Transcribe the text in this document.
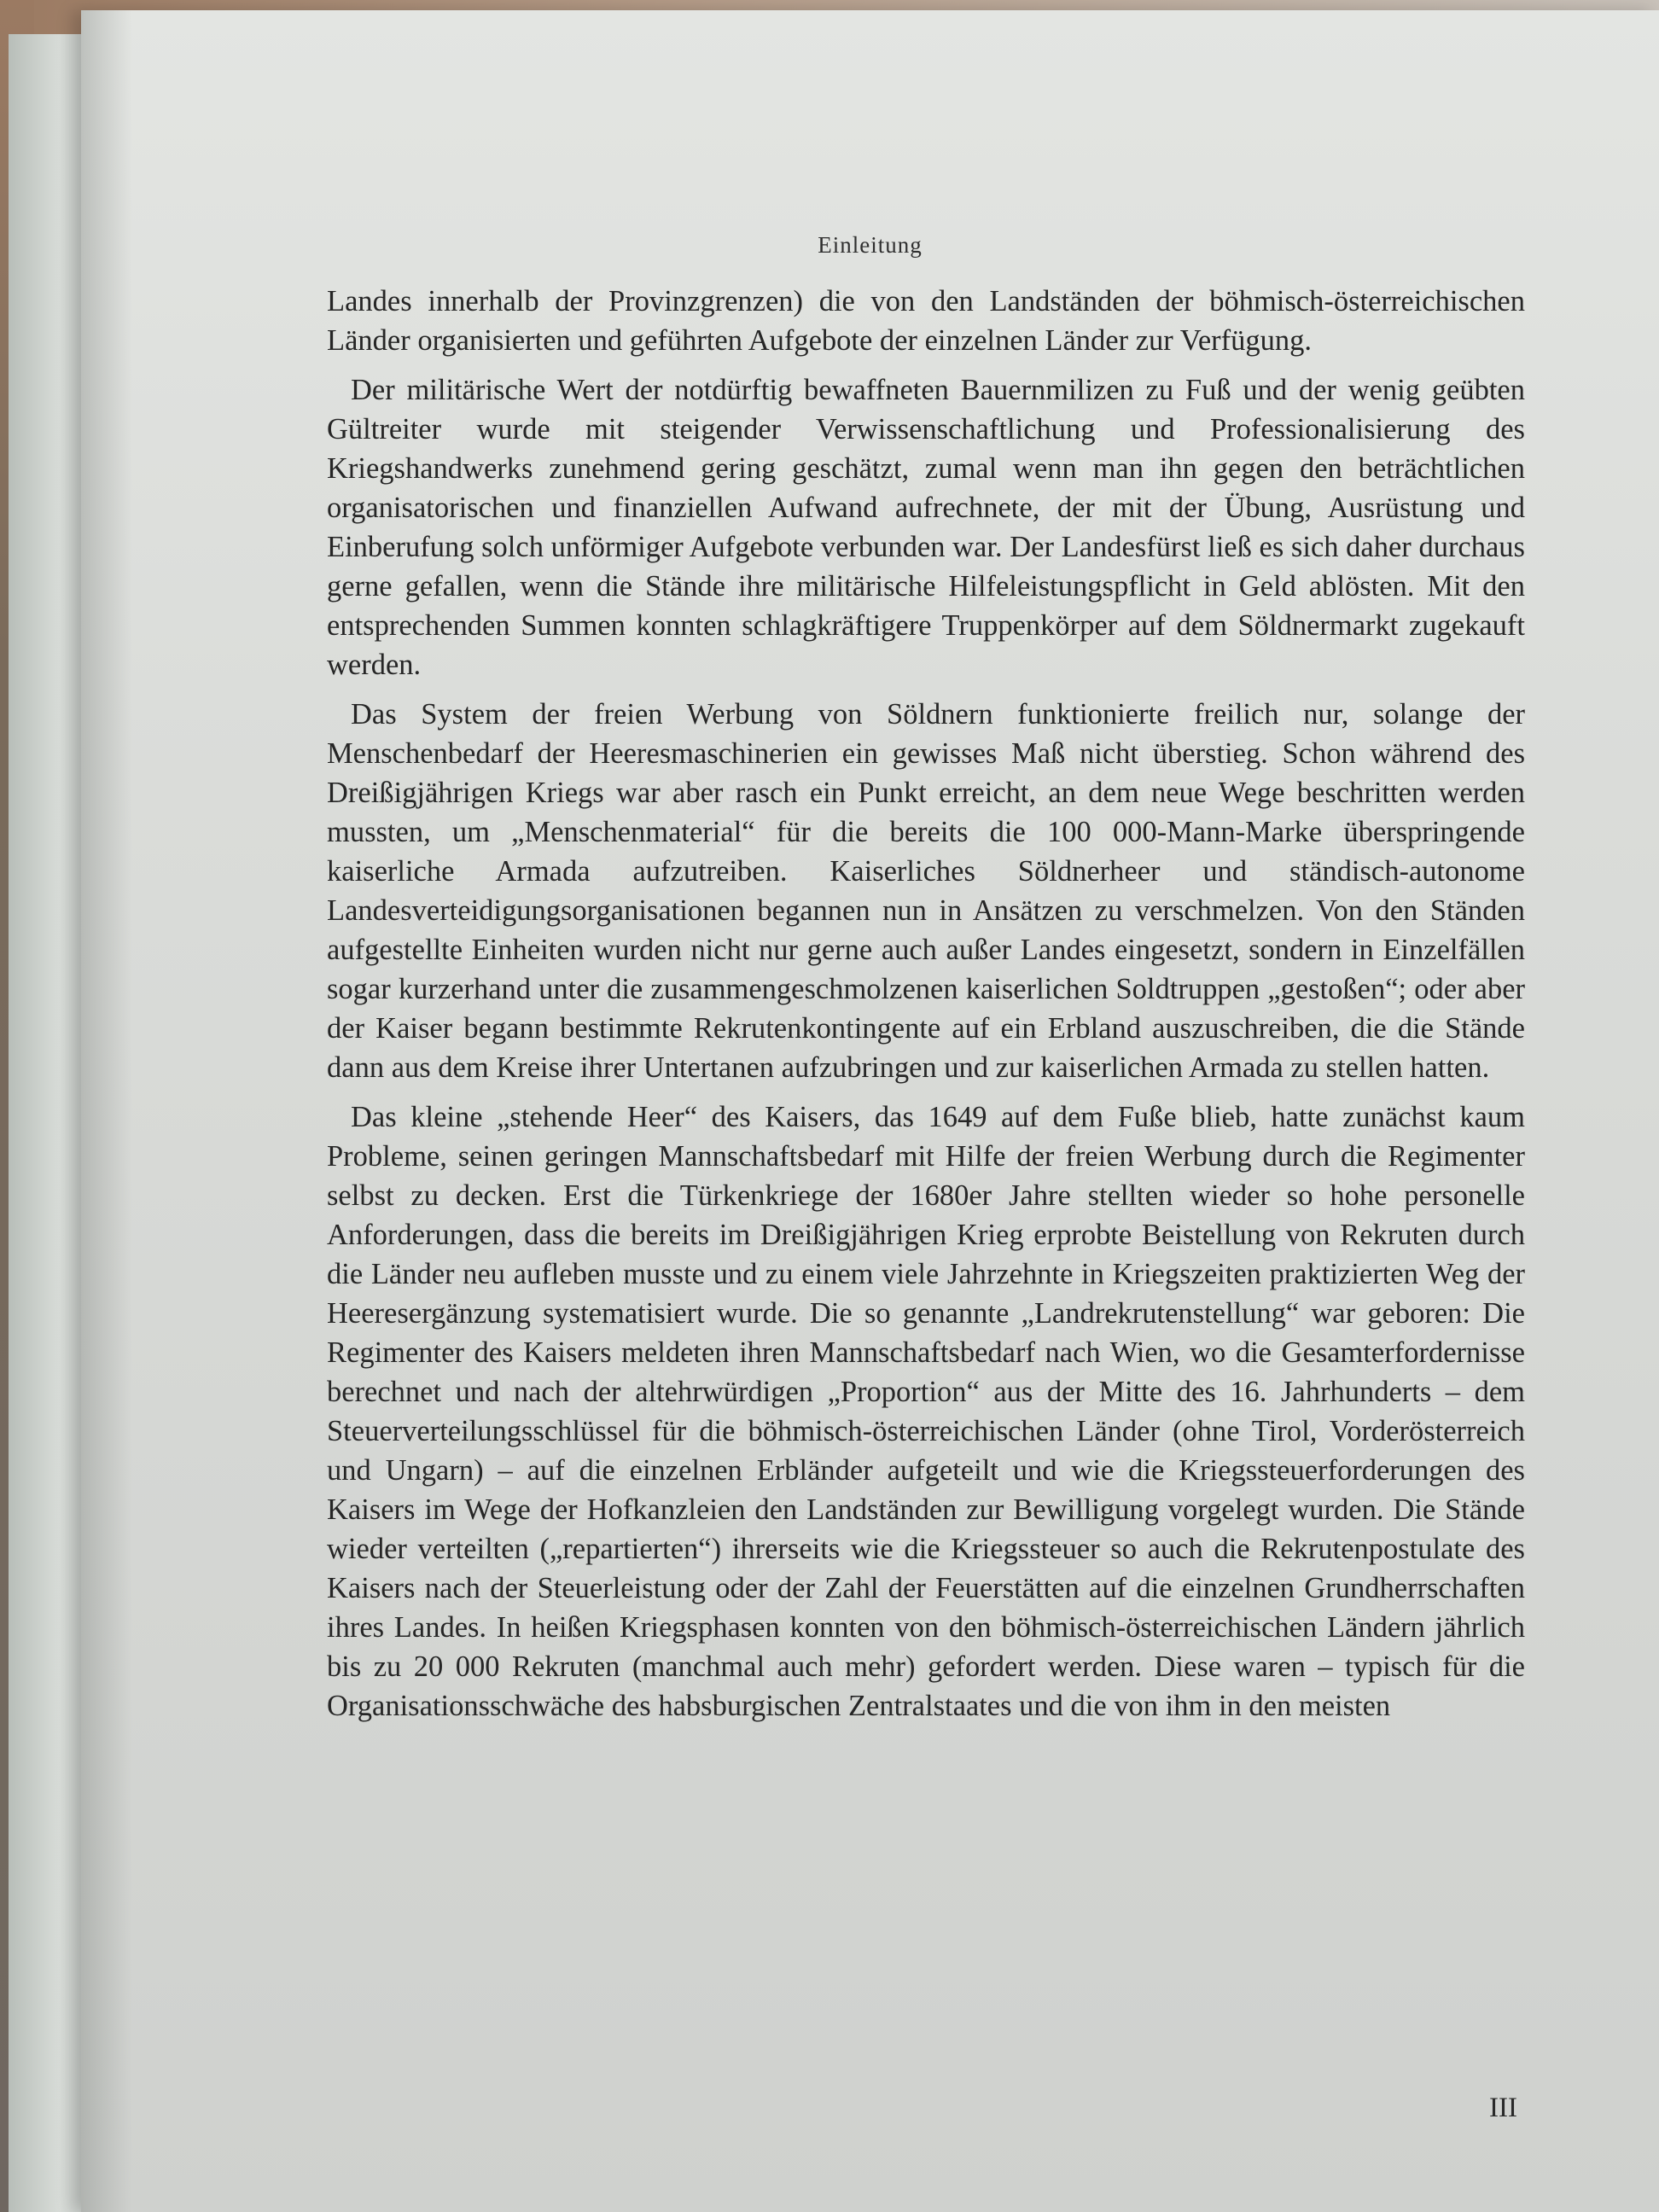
Einleitung

Landes innerhalb der Provinzgrenzen) die von den Landständen der böhmisch-österreichischen Länder organisierten und geführten Aufgebote der einzelnen Länder zur Verfügung.

Der militärische Wert der notdürftig bewaffneten Bauernmilizen zu Fuß und der wenig geübten Gültreiter wurde mit steigender Verwissenschaftlichung und Professionalisierung des Kriegshandwerks zunehmend gering geschätzt, zumal wenn man ihn gegen den beträchtlichen organisatorischen und finanziellen Aufwand aufrechnete, der mit der Übung, Ausrüstung und Einberufung solch unförmiger Aufgebote verbunden war. Der Landesfürst ließ es sich daher durchaus gerne gefallen, wenn die Stände ihre militärische Hilfeleistungspflicht in Geld ablösten. Mit den entsprechenden Summen konnten schlagkräftigere Truppenkörper auf dem Söldnermarkt zugekauft werden.

Das System der freien Werbung von Söldnern funktionierte freilich nur, solange der Menschenbedarf der Heeresmaschinerien ein gewisses Maß nicht überstieg. Schon während des Dreißigjährigen Kriegs war aber rasch ein Punkt erreicht, an dem neue Wege beschritten werden mussten, um „Menschenmaterial“ für die bereits die 100 000-Mann-Marke überspringende kaiserliche Armada aufzutreiben. Kaiserliches Söldnerheer und ständisch-autonome Landesverteidigungsorganisationen begannen nun in Ansätzen zu verschmelzen. Von den Ständen aufgestellte Einheiten wurden nicht nur gerne auch außer Landes eingesetzt, sondern in Einzelfällen sogar kurzerhand unter die zusammengeschmolzenen kaiserlichen Soldtruppen „gestoßen“; oder aber der Kaiser begann bestimmte Rekrutenkontingente auf ein Erbland auszuschreiben, die die Stände dann aus dem Kreise ihrer Untertanen aufzubringen und zur kaiserlichen Armada zu stellen hatten.

Das kleine „stehende Heer“ des Kaisers, das 1649 auf dem Fuße blieb, hatte zunächst kaum Probleme, seinen geringen Mannschaftsbedarf mit Hilfe der freien Werbung durch die Regimenter selbst zu decken. Erst die Türkenkriege der 1680er Jahre stellten wieder so hohe personelle Anforderungen, dass die bereits im Dreißigjährigen Krieg erprobte Beistellung von Rekruten durch die Länder neu aufleben musste und zu einem viele Jahrzehnte in Kriegszeiten praktizierten Weg der Heeresergänzung systematisiert wurde. Die so genannte „Landrekrutenstellung“ war geboren: Die Regimenter des Kaisers meldeten ihren Mannschaftsbedarf nach Wien, wo die Gesamterfordernisse berechnet und nach der altehrwürdigen „Proportion“ aus der Mitte des 16. Jahrhunderts – dem Steuerverteilungsschlüssel für die böhmisch-österreichischen Länder (ohne Tirol, Vorderösterreich und Ungarn) – auf die einzelnen Erbländer aufgeteilt und wie die Kriegssteuerforderungen des Kaisers im Wege der Hofkanzleien den Landständen zur Bewilligung vorgelegt wurden. Die Stände wieder verteilten („repartierten“) ihrerseits wie die Kriegssteuer so auch die Rekrutenpostulate des Kaisers nach der Steuerleistung oder der Zahl der Feuerstätten auf die einzelnen Grundherrschaften ihres Landes. In heißen Kriegsphasen konnten von den böhmisch-österreichischen Ländern jährlich bis zu 20 000 Rekruten (manchmal auch mehr) gefordert werden. Diese waren – typisch für die Organisationsschwäche des habsburgischen Zentralstaates und die von ihm in den meisten

III
